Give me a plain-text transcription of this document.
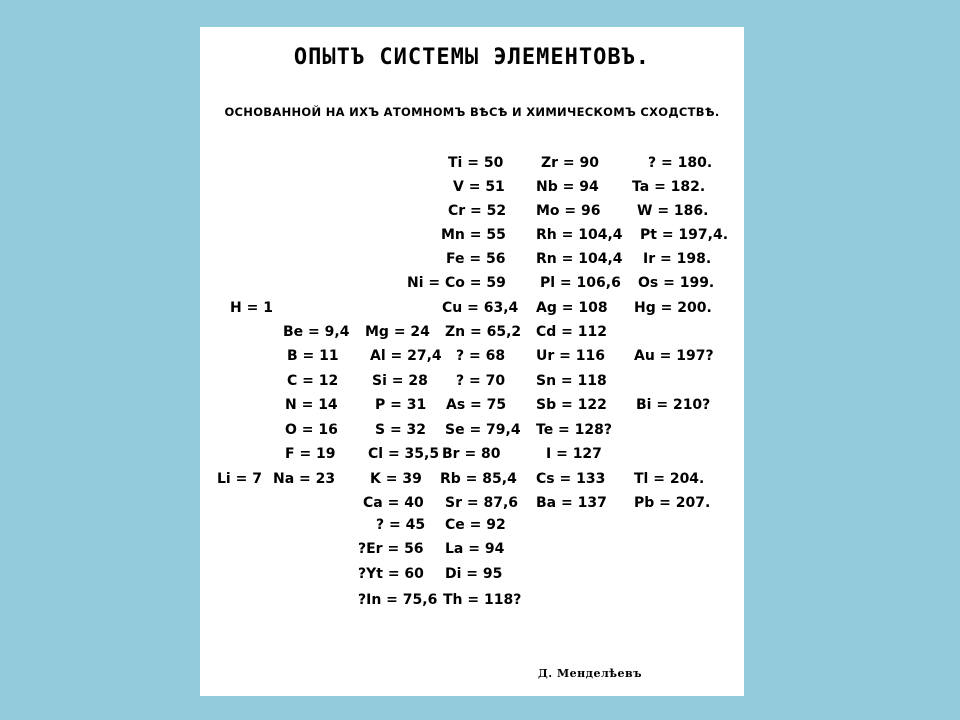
ОПЫТЪ СИСТЕМЫ ЭЛЕМЕНТОВЪ.
ОСНОВАННОЙ НА ИХЪ АТОМНОМЪ ВѢСѢ И ХИМИЧЕСКОМЪ СХОДСТВѢ.
H = 1
Li = 7
Be = 9,4
B = 11
C = 12
N = 14
O = 16
F = 19
Na = 23
Mg = 24
Al = 27,4
Si = 28
P = 31
S = 32
Cl = 35,5
K = 39
Ca = 40
? = 45
?Er = 56
?Yt = 60
?In = 75,6
Ti = 50
V = 51
Cr = 52
Mn = 55
Fe = 56
Ni = Co = 59
Cu = 63,4
Zn = 65,2
? = 68
? = 70
As = 75
Se = 79,4
Br = 80
Rb = 85,4
Sr = 87,6
Ce = 92
La = 94
Di = 95
Th = 118?
Zr = 90
Nb = 94
Mo = 96
Rh = 104,4
Rn = 104,4
Pl = 106,6
Ag = 108
Cd = 112
Ur = 116
Sn = 118
Sb = 122
Te = 128?
I = 127
Cs = 133
Ba = 137
? = 180.
Ta = 182.
W = 186.
Pt = 197,4.
Ir = 198.
Os = 199.
Hg = 200.
Au = 197?
Bi = 210?
Tl = 204.
Pb = 207.
Д. Менделѣевъ
